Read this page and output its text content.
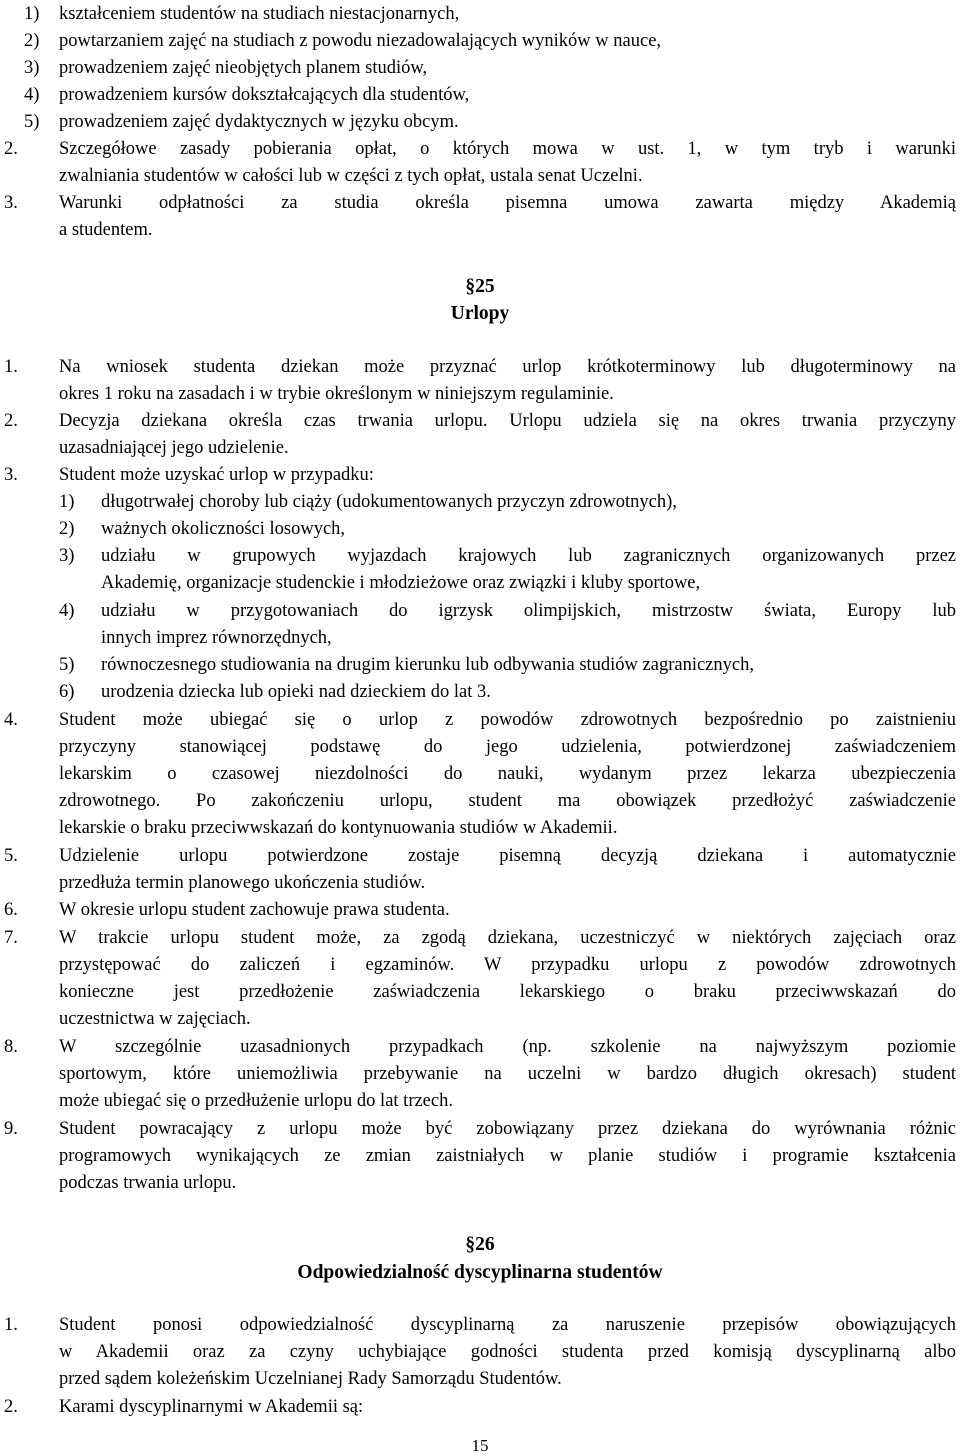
1) kształceniem studentów na studiach niestacjonarnych,
2) powtarzaniem zajęć na studiach z powodu niezadowalających wyników w nauce,
3) prowadzeniem zajęć nieobjętych planem studiów,
4) prowadzeniem kursów dokształcających dla studentów,
5) prowadzeniem zajęć dydaktycznych w języku obcym.
2. Szczegółowe zasady pobierania opłat, o których mowa w ust. 1, w tym tryb i warunki
zwalniania studentów w całości lub w części z tych opłat, ustala senat Uczelni.
3. Warunki odpłatności za studia określa pisemna umowa zawarta między Akademią
a studentem.
1. Na wniosek studenta dziekan może przyznać urlop krótkoterminowy lub długoterminowy na
okres 1 roku na zasadach i w trybie określonym w niniejszym regulaminie.
2. Decyzja dziekana określa czas trwania urlopu. Urlopu udziela się na okres trwania przyczyny
uzasadniającej jego udzielenie.
3. Student może uzyskać urlop w przypadku:
1) długotrwałej choroby lub ciąży (udokumentowanych przyczyn zdrowotnych),
2) ważnych okoliczności losowych,
3) udziału w grupowych wyjazdach krajowych lub zagranicznych organizowanych przez
Akademię, organizacje studenckie i młodzieżowe oraz związki i kluby sportowe,
4) udziału w przygotowaniach do igrzysk olimpijskich, mistrzostw świata, Europy lub
innych imprez równorzędnych,
5) równoczesnego studiowania na drugim kierunku lub odbywania studiów zagranicznych,
6) urodzenia dziecka lub opieki nad dzieckiem do lat 3.
4. Student może ubiegać się o urlop z powodów zdrowotnych bezpośrednio po zaistnieniu
przyczyny stanowiącej podstawę do jego udzielenia, potwierdzonej zaświadczeniem
lekarskim o czasowej niezdolności do nauki, wydanym przez lekarza ubezpieczenia
zdrowotnego. Po zakończeniu urlopu, student ma obowiązek przedłożyć zaświadczenie
lekarskie o braku przeciwwskazań do kontynuowania studiów w Akademii.
5. Udzielenie urlopu potwierdzone zostaje pisemną decyzją dziekana i automatycznie
przedłuża termin planowego ukończenia studiów.
6. W okresie urlopu student zachowuje prawa studenta.
7. W trakcie urlopu student może, za zgodą dziekana, uczestniczyć w niektórych zajęciach oraz
przystępować do zaliczeń i egzaminów. W przypadku urlopu z powodów zdrowotnych
konieczne jest przedłożenie zaświadczenia lekarskiego o braku przeciwwskazań do
uczestnictwa w zajęciach.
8. W szczególnie uzasadnionych przypadkach (np. szkolenie na najwyższym poziomie
sportowym, które uniemożliwia przebywanie na uczelni w bardzo długich okresach) student
może ubiegać się o przedłużenie urlopu do lat trzech.
9. Student powracający z urlopu może być zobowiązany przez dziekana do wyrównania różnic
programowych wynikających ze zmian zaistniałych w planie studiów i programie kształcenia
podczas trwania urlopu.
1. Student ponosi odpowiedzialność dyscyplinarną za naruszenie przepisów obowiązujących
w Akademii oraz za czyny uchybiające godności studenta przed komisją dyscyplinarną albo
przed sądem koleżeńskim Uczelnianej Rady Samorządu Studentów.
2. Karami dyscyplinarnymi w Akademii są:
§25
Urlopy
§26
Odpowiedzialność dyscyplinarna studentów
15
